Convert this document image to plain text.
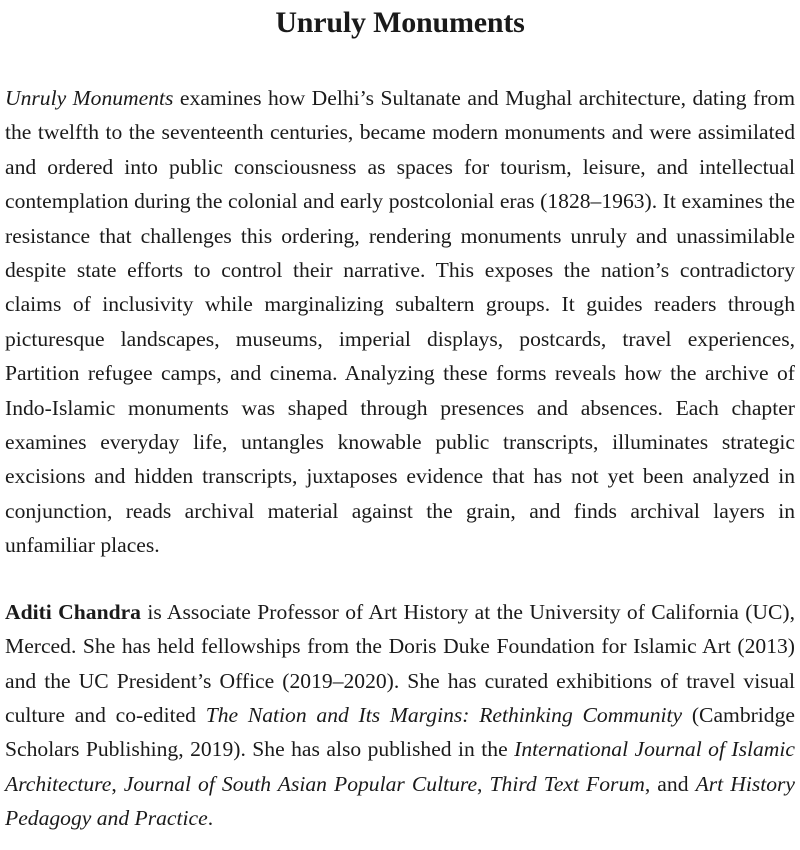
Unruly Monuments

Unruly Monuments examines how Delhi’s Sultanate and Mughal architecture, dating from the twelfth to the seventeenth centuries, became modern monuments and were assimilated and ordered into public consciousness as spaces for tourism, leisure, and intellectual contemplation during the colonial and early postcolonial eras (1828–1963). It examines the resistance that challenges this ordering, rendering monuments unruly and unassimilable despite state efforts to control their narrative. This exposes the nation’s contradictory claims of inclusivity while marginalizing subaltern groups. It guides readers through picturesque landscapes, museums, imperial displays, postcards, travel experiences, Partition refugee camps, and cinema. Analyzing these forms reveals how the archive of Indo-Islamic monuments was shaped through presences and absences. Each chapter examines everyday life, untangles knowable public transcripts, illuminates strategic excisions and hidden transcripts, juxtaposes evidence that has not yet been analyzed in conjunction, reads archival material against the grain, and finds archival layers in unfamiliar places.

Aditi Chandra is Associate Professor of Art History at the University of California (UC), Merced. She has held fellowships from the Doris Duke Foundation for Islamic Art (2013) and the UC President’s Office (2019–2020). She has curated exhibitions of travel visual culture and co-edited The Nation and Its Margins: Rethinking Community (Cambridge Scholars Publishing, 2019). She has also published in the International Journal of Islamic Architecture, Journal of South Asian Popular Culture, Third Text Forum, and Art History Pedagogy and Practice.
